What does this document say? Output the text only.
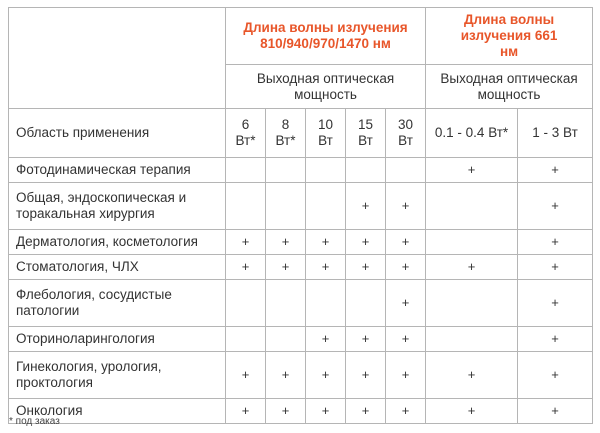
	Длина волны излучения 810/940/970/1470 нм					Длина волны излучения 661 нм	
	Выходная оптическая мощность					Выходная оптическая мощность	
Область применения	6 Вт*	8 Вт*	10 Вт	15 Вт	30 Вт	0.1 - 0.4 Вт*	1 - 3 Вт
Фотодинамическая терапия						+	+
Общая, эндоскопическая и торакальная хирургия				+	+		+
Дерматология, косметология	+	+	+	+	+		+
Стоматология, ЧЛХ	+	+	+	+	+	+	+
Флебология, сосудистые патологии					+		+
Оториноларингология			+	+	+		+
Гинекология, урология, проктология	+	+	+	+	+	+	+
Онкология	+	+	+	+	+	+	+
* под заказ
